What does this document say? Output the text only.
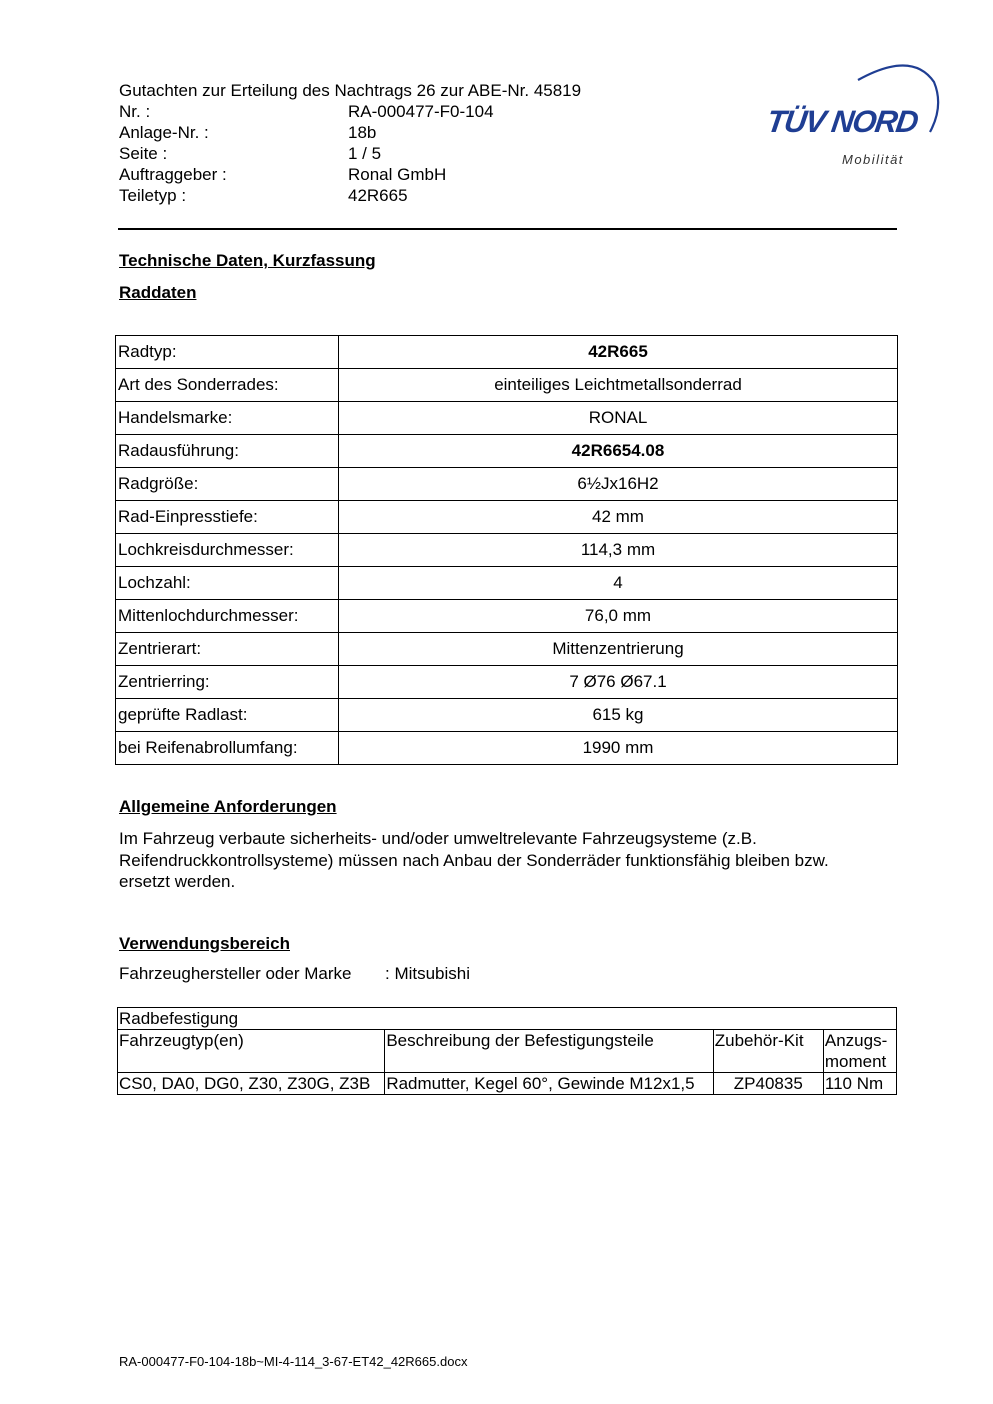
Gutachten zur Erteilung des Nachtrags 26 zur ABE-Nr. 45819
Nr. :	RA-000477-F0-104
Anlage-Nr. :	18b
Seite :	1 / 5
Auftraggeber :	Ronal GmbH
Teiletyp :	42R665
TÜV NORD
Mobilität
Technische Daten, Kurzfassung
Raddaten
Radtyp:	42R665
Art des Sonderrades:	einteiliges Leichtmetallsonderrad
Handelsmarke:	RONAL
Radausführung:	42R6654.08
Radgröße:	6½Jx16H2
Rad-Einpresstiefe:	42 mm
Lochkreisdurchmesser:	114,3 mm
Lochzahl:	4
Mittenlochdurchmesser:	76,0 mm
Zentrierart:	Mittenzentrierung
Zentrierring:	7 Ø76 Ø67.1
geprüfte Radlast:	615 kg
bei Reifenabrollumfang:	1990 mm
Allgemeine Anforderungen
Im Fahrzeug verbaute sicherheits- und/oder umweltrelevante Fahrzeugsysteme (z.B.
Reifendruckkontrollsysteme) müssen nach Anbau der Sonderräder funktionsfähig bleiben bzw.
ersetzt werden.
Verwendungsbereich
Fahrzeughersteller oder Marke : Mitsubishi
Radbefestigung			
Fahrzeugtyp(en)	Beschreibung der Befestigungsteile	Zubehör-Kit	Anzugs-
moment
CS0, DA0, DG0, Z30, Z30G, Z3B	Radmutter, Kegel 60°, Gewinde M12x1,5	ZP40835	110 Nm
RA-000477-F0-104-18b~MI-4-114_3-67-ET42_42R665.docx
